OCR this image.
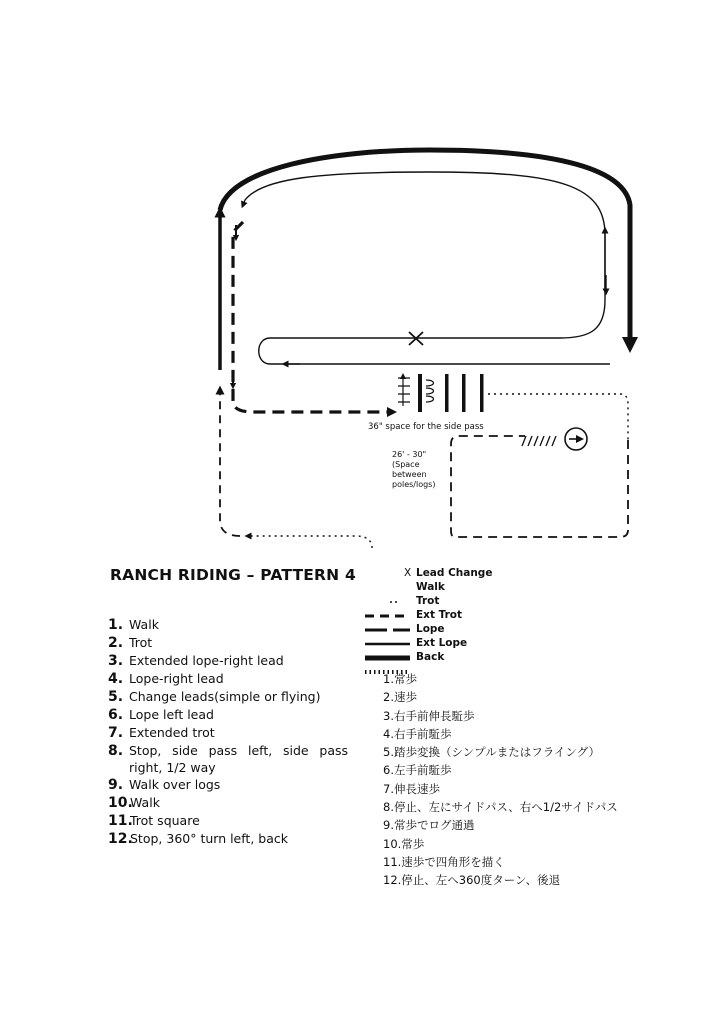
36" space for the side pass
26' - 30"
(Space
between
poles/logs)
RANCH RIDING – PATTERN 4	X Lead Change
Walk
Trot
Ext Trot
Lope
Ext Lope
Back
1. Walk
2. Trot
3. Extended lope-right lead
4. Lope-right lead
5. Change leads(simple or flying)
6. Lope left lead
7. Extended trot
8. Stop, side pass left, side pass right, 1/2 way
9. Walk over logs
10.
Walk
11.
Trot square
12.
Stop, 360° turn left, back
1.常歩
2.速歩
3.右手前伸長駈歩
4.右手前駈歩
5.踏歩変換（シンプルまたはフライング）
6.左手前駈歩
7.伸長速歩
8.停止、左にサイドパス、右へ1/2サイドパス
9.常歩でログ通過
10.常歩
11.速歩で四角形を描く
12.停止、左へ360度ターン、後退
